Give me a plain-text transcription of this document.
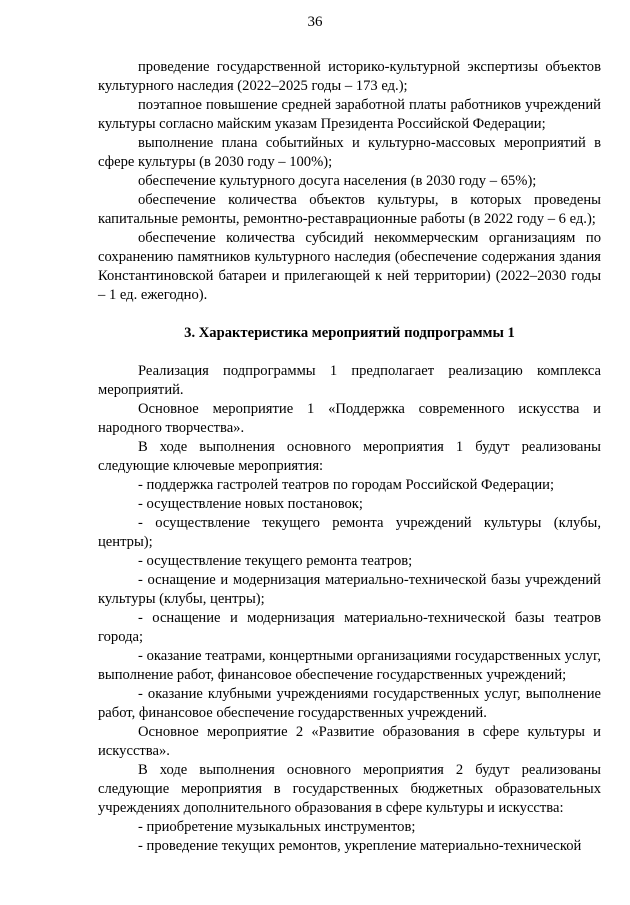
36

проведение государственной историко-культурной экспертизы объектов культурного наследия (2022–2025 годы – 173 ед.);

поэтапное повышение средней заработной платы работников учреждений культуры согласно майским указам Президента Российской Федерации;

выполнение плана событийных и культурно-массовых мероприятий в сфере культуры (в 2030 году – 100%);

обеспечение культурного досуга населения (в 2030 году – 65%);

обеспечение количества объектов культуры, в которых проведены капитальные ремонты, ремонтно-реставрационные работы (в 2022 году – 6 ед.);

обеспечение количества субсидий некоммерческим организациям по сохранению памятников культурного наследия (обеспечение содержания здания Константиновской батареи и прилегающей к ней территории) (2022–2030 годы – 1 ед. ежегодно).

3. Характеристика мероприятий подпрограммы 1

Реализация подпрограммы 1 предполагает реализацию комплекса мероприятий.

Основное мероприятие 1 «Поддержка современного искусства и народного творчества».

В ходе выполнения основного мероприятия 1 будут реализованы следующие ключевые мероприятия:

- поддержка гастролей театров по городам Российской Федерации;

- осуществление новых постановок;

- осуществление текущего ремонта учреждений культуры (клубы, центры);

- осуществление текущего ремонта театров;

- оснащение и модернизация материально-технической базы учреждений культуры (клубы, центры);

- оснащение и модернизация материально-технической базы театров города;

- оказание театрами, концертными организациями государственных услуг, выполнение работ, финансовое обеспечение государственных учреждений;

- оказание клубными учреждениями государственных услуг, выполнение работ, финансовое обеспечение государственных учреждений.

Основное мероприятие 2 «Развитие образования в сфере культуры и искусства».

В ходе выполнения основного мероприятия 2 будут реализованы следующие мероприятия в государственных бюджетных образовательных учреждениях дополнительного образования в сфере культуры и искусства:

- приобретение музыкальных инструментов;

- проведение текущих ремонтов, укрепление материально-технической
